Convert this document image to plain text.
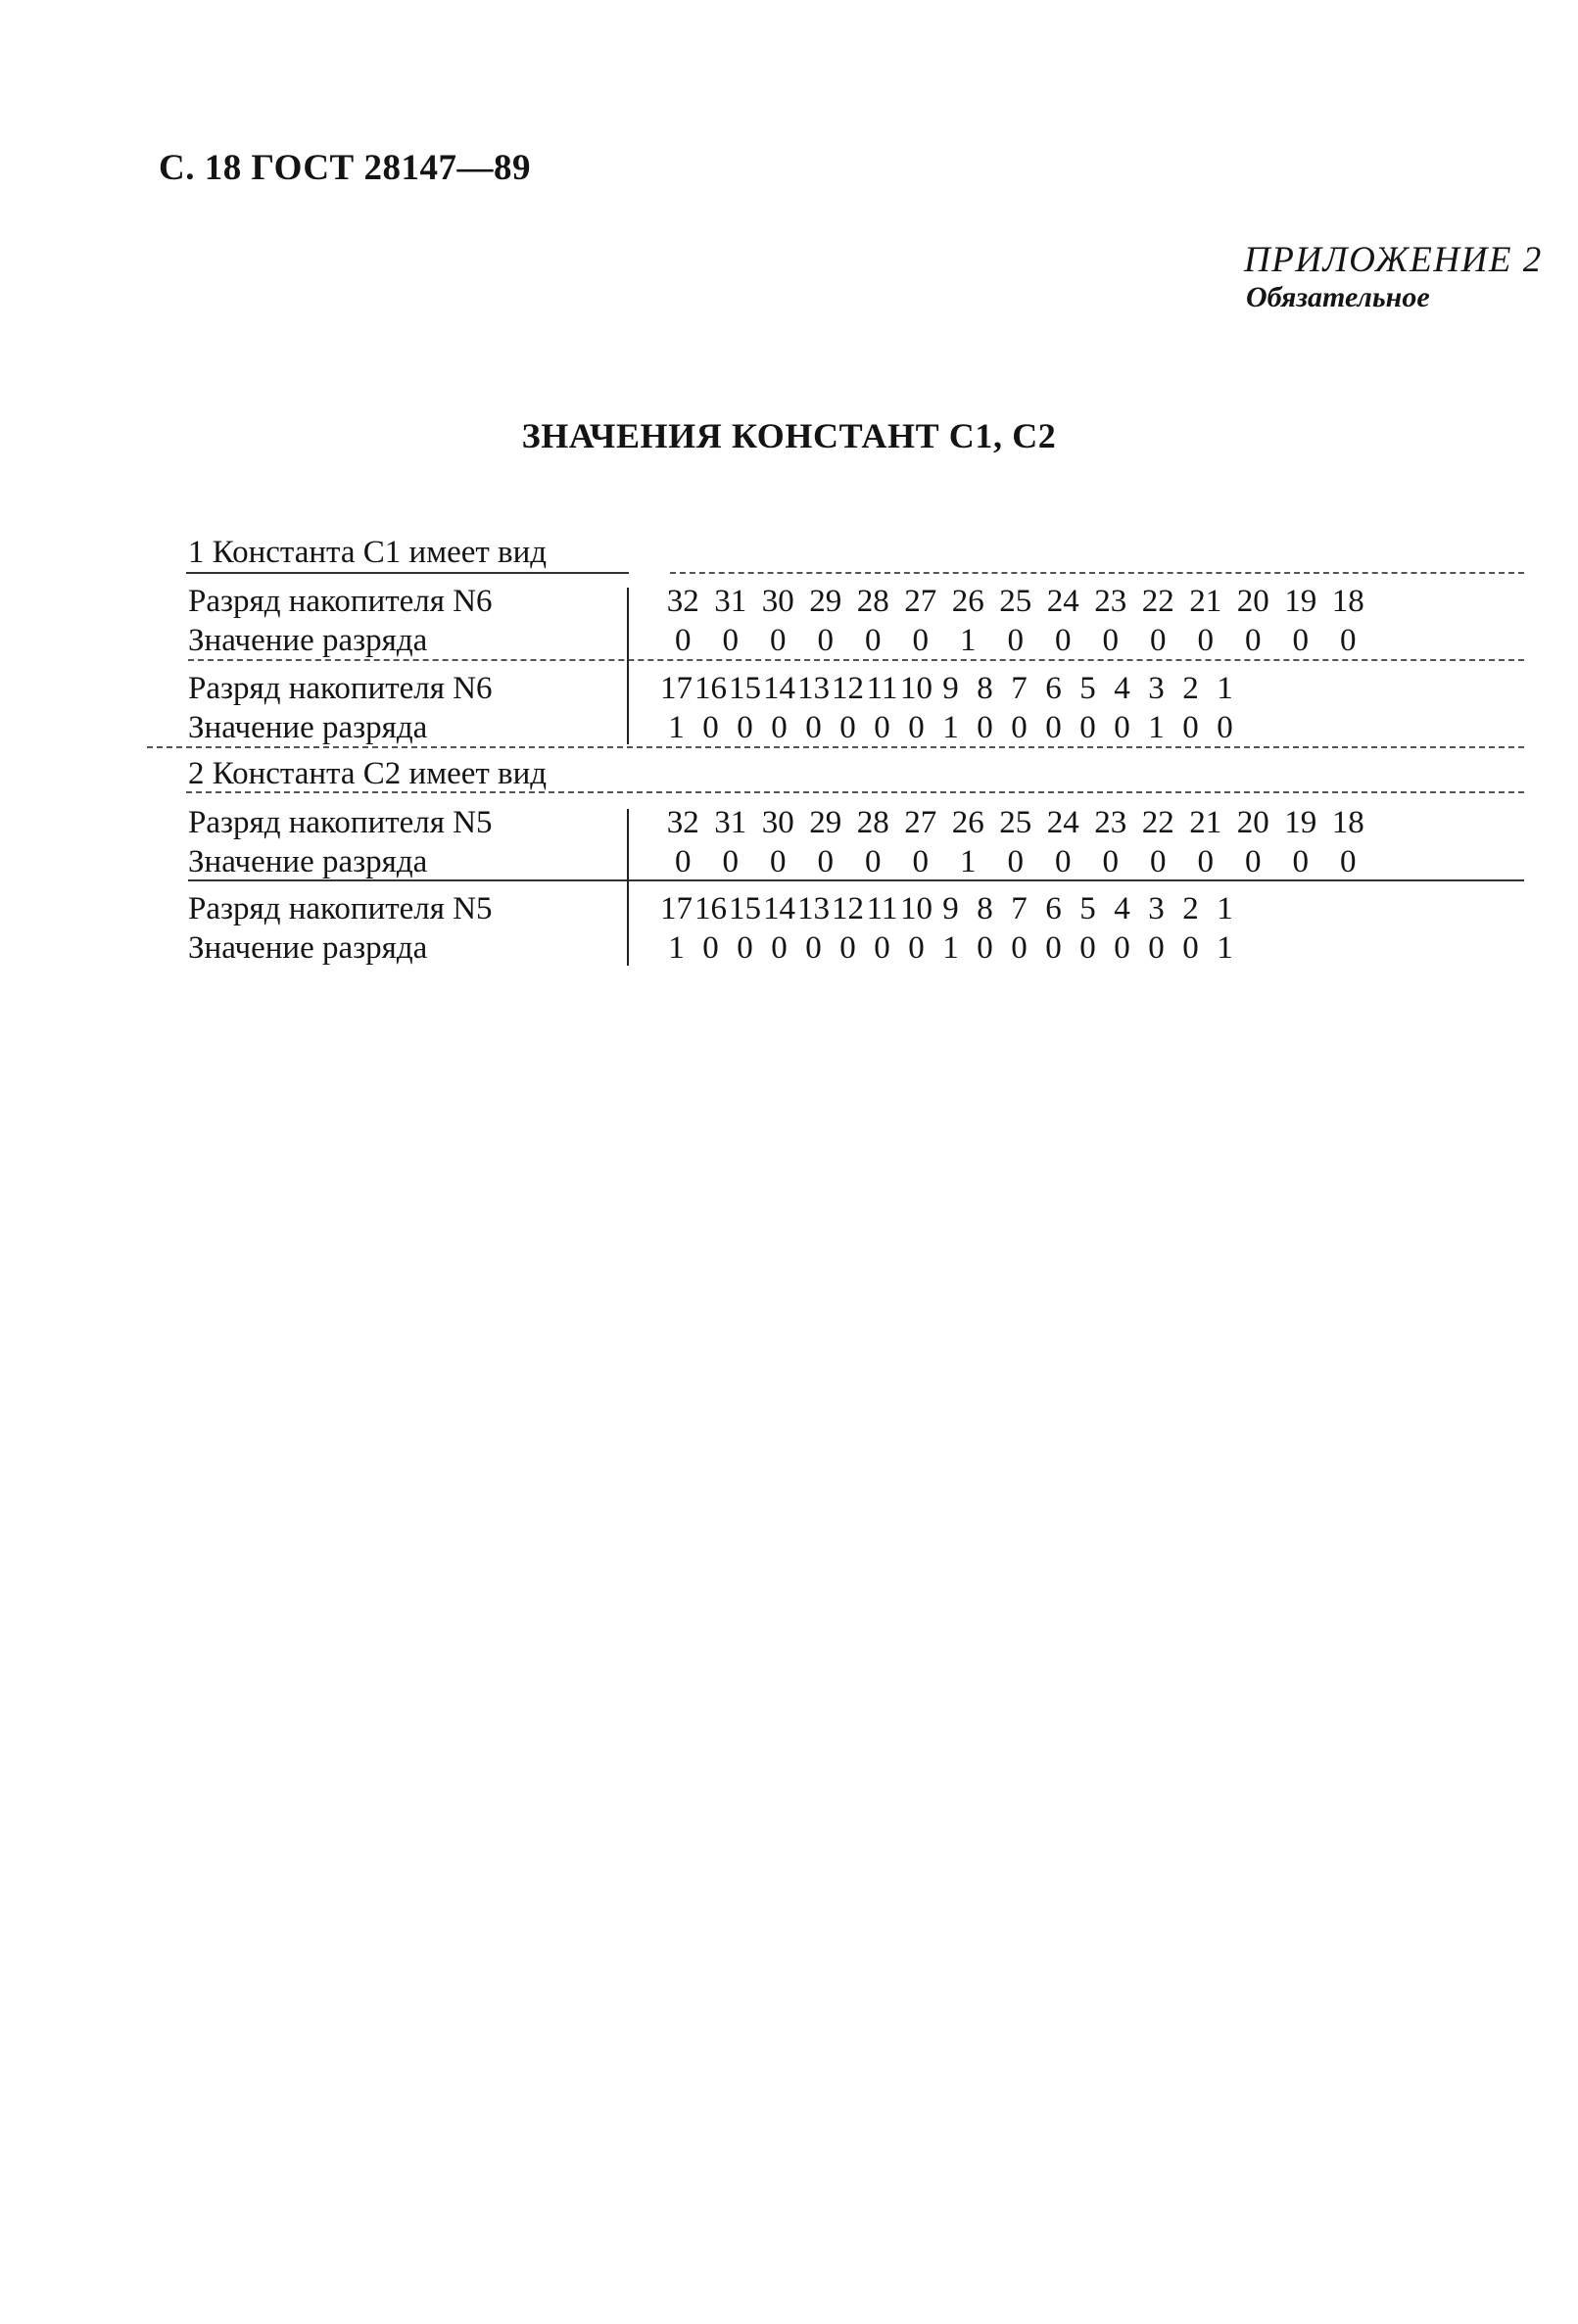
С. 18 ГОСТ 28147—89
ПРИЛОЖЕНИЕ 2
Обязательное
ЗНАЧЕНИЯ КОНСТАНТ С1, С2
1 Константа С1 имеет вид
Разряд накопителя N6	32 31 30 29 28 27 26 25 24 23 22 21 20 19 18
Значение разряда	0 0 0 0 0 0 1 0 0 0 0 0 0 0 0
Разряд накопителя N6	1716151413121110 9 8 7 6 5 4 3 2 1
Значение разряда	1 0 0 0 0 0 0 0 1 0 0 0 0 0 1 0 0
2 Константа С2 имеет вид
Разряд накопителя N5	32 31 30 29 28 27 26 25 24 23 22 21 20 19 18
Значение разряда	0 0 0 0 0 0 1 0 0 0 0 0 0 0 0
Разряд накопителя N5	1716151413121110 9 8 7 6 5 4 3 2 1
Значение разряда	1 0 0 0 0 0 0 0 1 0 0 0 0 0 0 0 1
